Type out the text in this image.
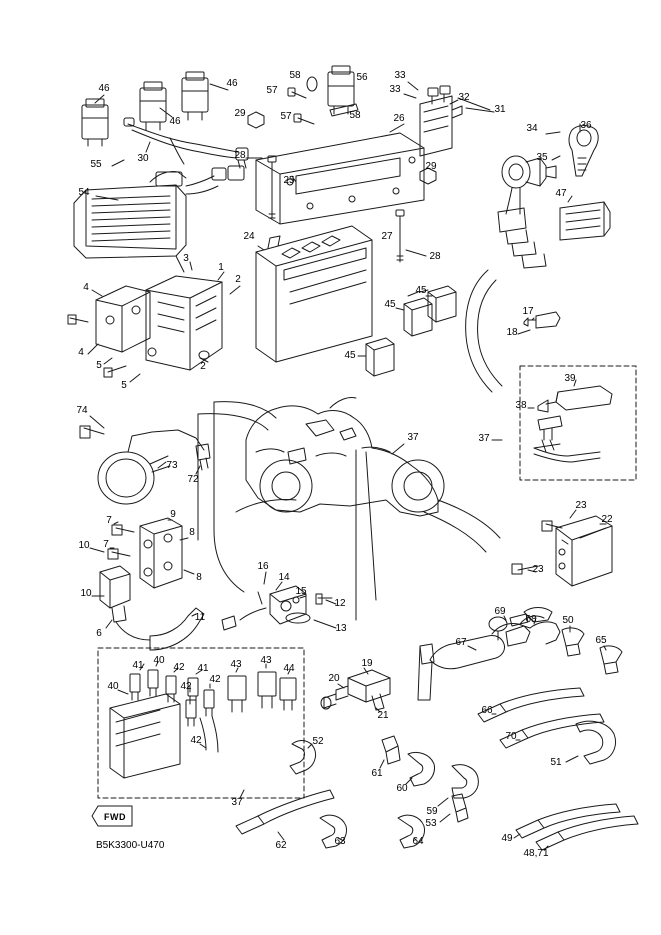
FWD
B5K3300-U470
46	46
46
58	56	33
33
32
31
57
29	57	58	26
34	36
35
55
30	28
29
25
54	47
27
28
24
3
1
2
4
17
18
45
45
4
5	2
5
45
39
38
74
37	37
73
72
23
22
7
9
8
10 7
23
8
16
14
10	15
12
69
68	50
6
11
13
67	65
41 40
42 41 43 43
44	19
42
20
40
42
66
70
21
51
52
42
61
60
37
59
53
49
62	63	64
48,71
